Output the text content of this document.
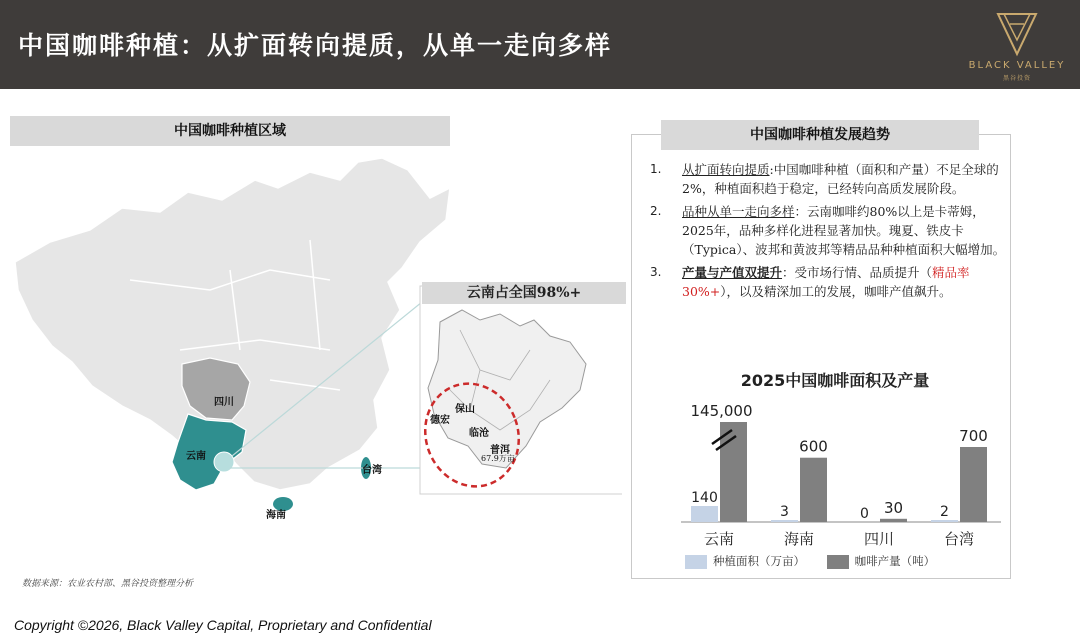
中国咖啡种植：从扩面转向提质，从单一走向多样
BLACK VALLEY
黑谷投资
中国咖啡种植区域
四川
云南
海南
台湾
云南占全国98%+
保山
德宏
临沧
普洱
67.9万亩
中国咖啡种植发展趋势
1. 从扩面转向提质:中国咖啡种植（面积和产量）不足全球的2%，种植面积趋于稳定，已经转向高质发展阶段。
2. 品种从单一走向多样：云南咖啡约80%以上是卡蒂姆，2025年，品种多样化进程显著加快。瑰夏、铁皮卡（Typica）、波邦和黄波邦等精品品种种植面积大幅增加。
3. 产量与产值双提升：受市场行情、品质提升（精品率30%+），以及精深加工的发展，咖啡产值飙升。
2025中国咖啡面积及产量
140
145,000
云南
3
600
海南
0 30
四川
2
700
台湾
种植面积（万亩）	咖啡产量（吨）
数据来源：农业农村部、黑谷投资整理分析
Copyright ©2026, Black Valley Capital, Proprietary and Confidential
